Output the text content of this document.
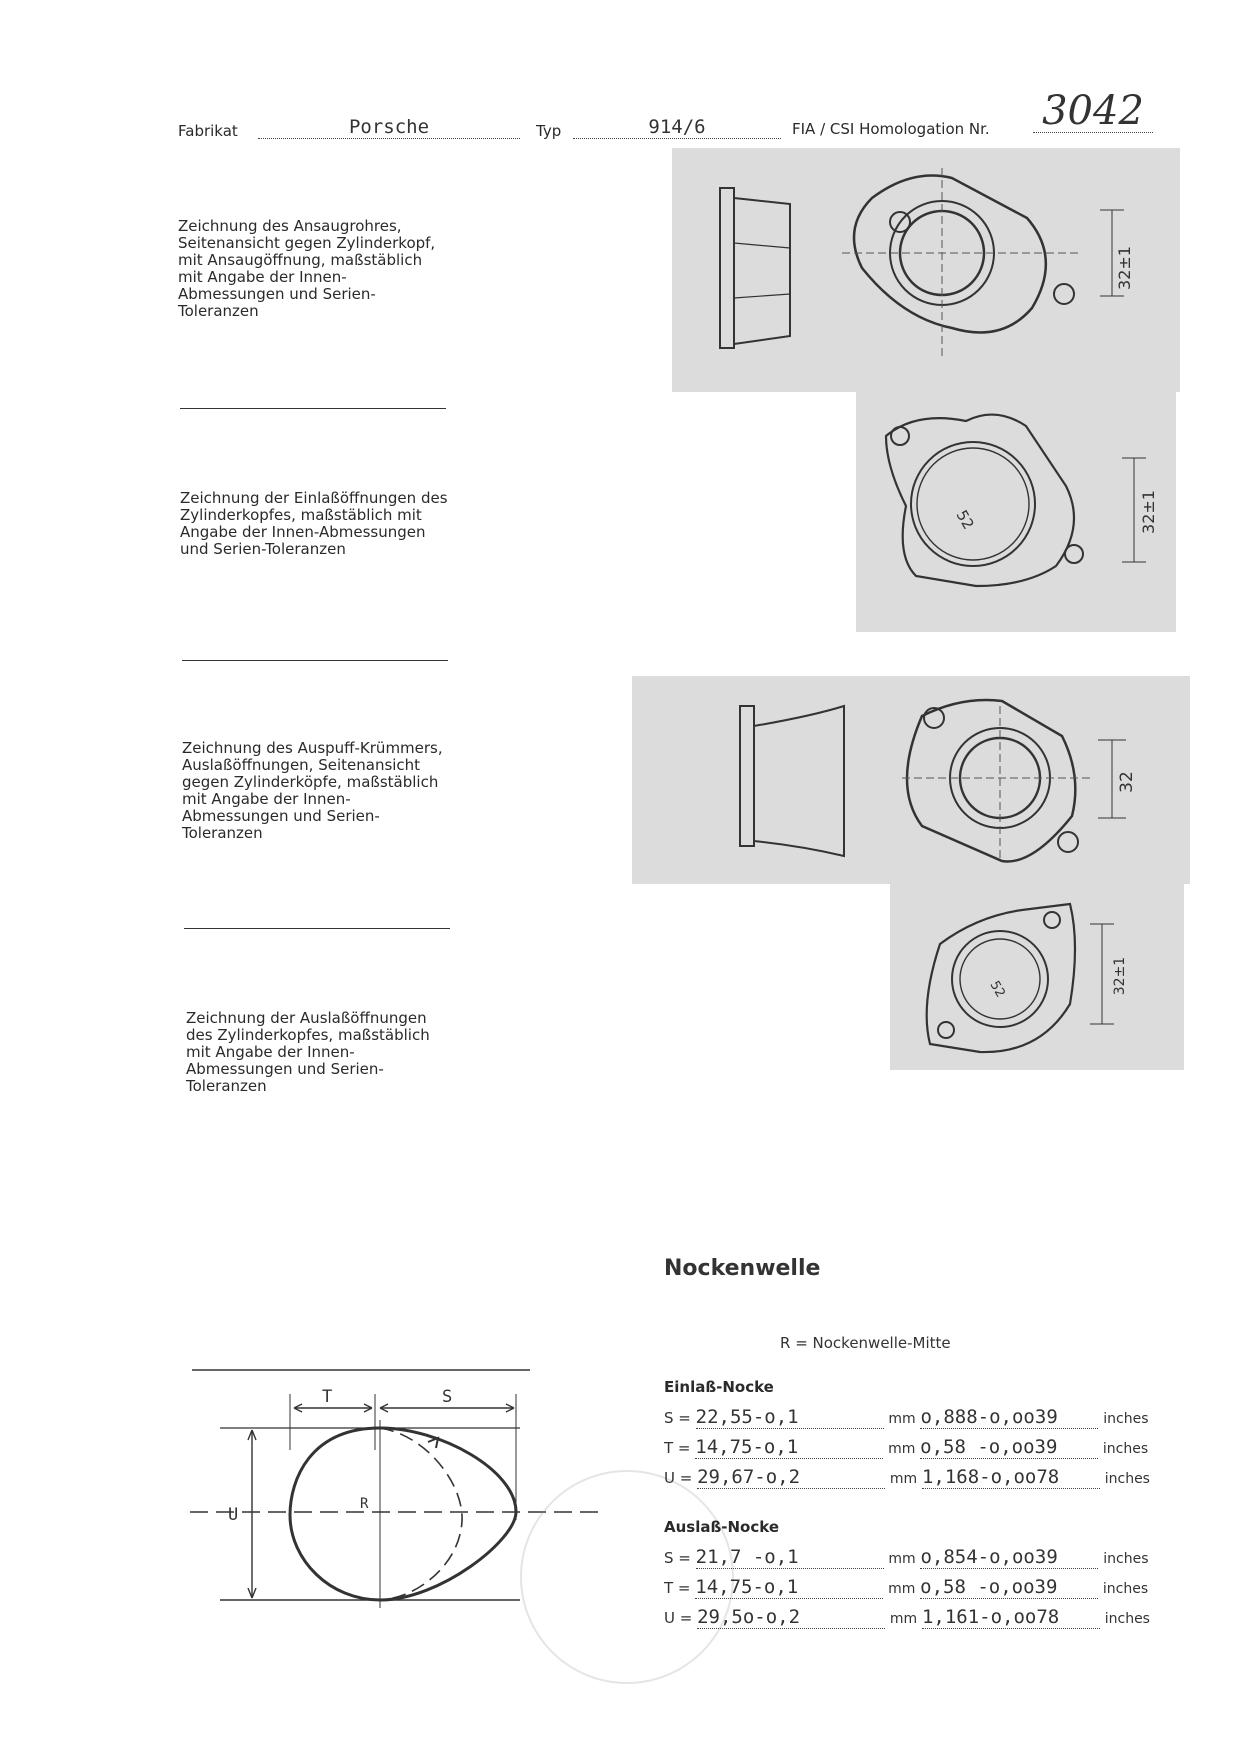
Fabrikat	Porsche	Typ	914/6	FIA / CSI Homologation Nr. 3042
Zeichnung des Ansaugrohres, Seitenansicht gegen Zylinderkopf, mit Ansaugöffnung, maßstäblich mit Angabe der Innen-Abmessungen und Serien-Toleranzen
Zeichnung der Einlaßöffnungen des Zylinderkopfes, maßstäblich mit Angabe der Innen-Abmessungen und Serien-Toleranzen
Zeichnung des Auspuff-Krümmers, Auslaßöffnungen, Seitenansicht gegen Zylinderköpfe, maßstäblich mit Angabe der Innen-Abmessungen und Serien-Toleranzen
Zeichnung der Auslaßöffnungen des Zylinderkopfes, maßstäblich mit Angabe der Innen-Abmessungen und Serien-Toleranzen
32±1
52	32±1
32
52	32±1
T	S
U
R
Nockenwelle
R = Nockenwelle-Mitte
Einlaß-Nocke
S = 22,55-o,1	mm o,888-o,oo39	inches
T = 14,75-o,1	mm o,58 -o,oo39	inches
U = 29,67-o,2	mm 1,168-o,oo78	inches
Auslaß-Nocke
S = 21,7 -o,1	mm o,854-o,oo39	inches
T = 14,75-o,1	mm o,58 -o,oo39	inches
U = 29,5o-o,2	mm 1,161-o,oo78	inches
